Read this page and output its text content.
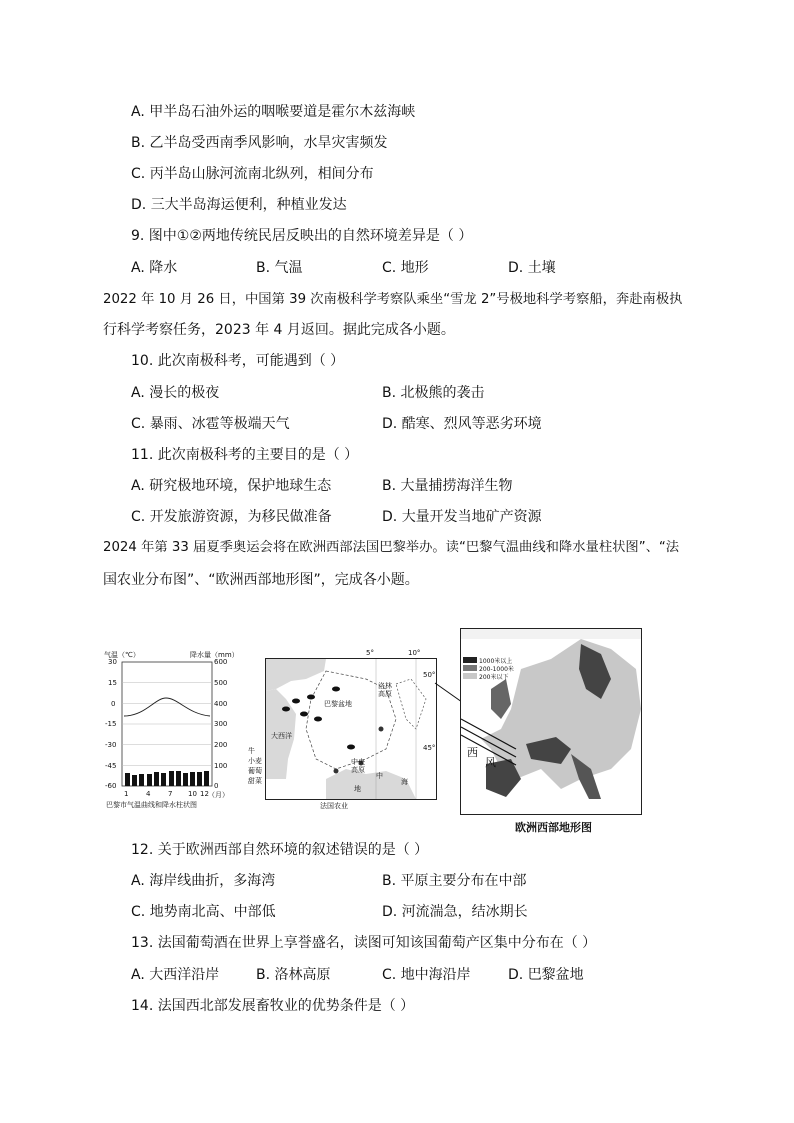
A. 甲半岛石油外运的咽喉要道是霍尔木兹海峡
B. 乙半岛受西南季风影响，水旱灾害频发
C. 丙半岛山脉河流南北纵列，相间分布
D. 三大半岛海运便利，种植业发达
9. 图中①②两地传统民居反映出的自然环境差异是（ ）
A. 降水	B. 气温	C. 地形	D. 土壤
2022 年 10 月 26 日，中国第 39 次南极科学考察队乘坐“雪龙 2”号极地科学考察船，奔赴南极执
行科学考察任务，2023 年 4 月返回。据此完成各小题。
10. 此次南极科考，可能遇到（ ）
A. 漫长的极夜	B. 北极熊的袭击
C. 暴雨、冰雹等极端天气	D. 酷寒、烈风等恶劣环境
11. 此次南极科考的主要目的是（ ）
A. 研究极地环境，保护地球生态	B. 大量捕捞海洋生物
C. 开发旅游资源，为移民做准备	D. 大量开发当地矿产资源
2024 年第 33 届夏季奥运会将在欧洲西部法国巴黎举办。读“巴黎气温曲线和降水量柱状图”、“法
国农业分布图”、“欧洲西部地形图”，完成各小题。
气温（℃）	降水量（mm）
30
15
0
-15
-30
-45
-60
600
500
400
300
200
100
0
1	4	7 10 12 （月）
巴黎市气温曲线和降水柱状图
5°	10°
50°
45°
洛林
高原
巴黎盆地
大西洋
中央
高原
地
中
海
牛
小麦
葡萄
甜菜
法国农业
1000米以上
200-1000米
200米以下
西
风
欧洲西部地形图
12. 关于欧洲西部自然环境的叙述错误的是（ ）
A. 海岸线曲折，多海湾	B. 平原主要分布在中部
C. 地势南北高、中部低	D. 河流湍急，结冰期长
13. 法国葡萄酒在世界上享誉盛名，读图可知该国葡萄产区集中分布在（ ）
A. 大西洋沿岸	B. 洛林高原	C. 地中海沿岸	D. 巴黎盆地
14. 法国西北部发展畜牧业的优势条件是（ ）
